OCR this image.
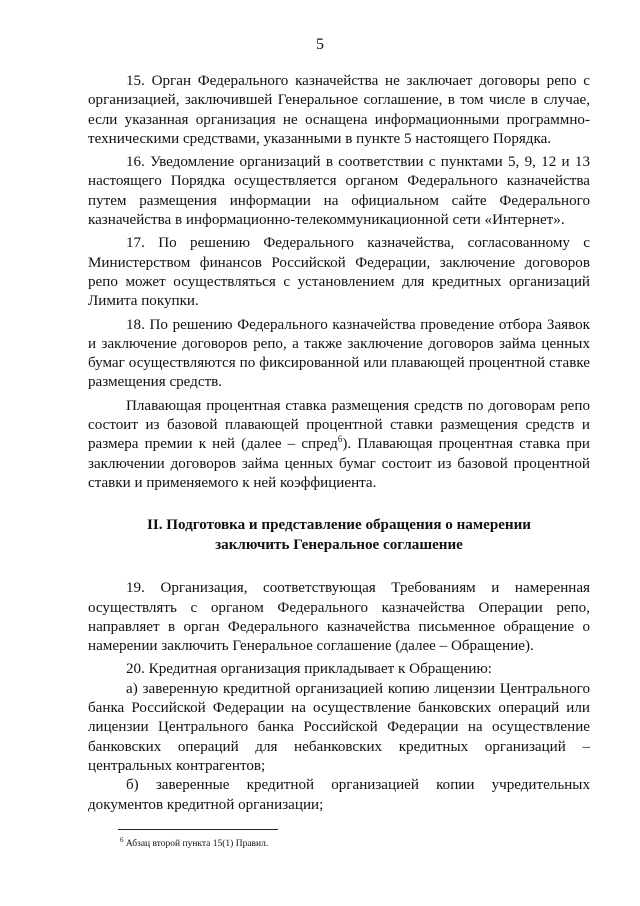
5

15. Орган Федерального казначейства не заключает договоры репо с организацией, заключившей Генеральное соглашение, в том числе в случае, если указанная организация не оснащена информационными программно-техническими средствами, указанными в пункте 5 настоящего Порядка.

16. Уведомление организаций в соответствии с пунктами 5, 9, 12 и 13 настоящего Порядка осуществляется органом Федерального казначейства путем размещения информации на официальном сайте Федерального казначейства в информационно-телекоммуникационной сети «Интернет».

17. По решению Федерального казначейства, согласованному с Министерством финансов Российской Федерации, заключение договоров репо может осуществляться с установлением для кредитных организаций Лимита покупки.

18. По решению Федерального казначейства проведение отбора Заявок и заключение договоров репо, а также заключение договоров займа ценных бумаг осуществляются по фиксированной или плавающей процентной ставке размещения средств.

Плавающая процентная ставка размещения средств по договорам репо состоит из базовой плавающей процентной ставки размещения средств и размера премии к ней (далее – спред$^6$). Плавающая процентная ставка при заключении договоров займа ценных бумаг состоит из базовой процентной ставки и применяемого к ней коэффициента.

II. Подготовка и представление обращения о намерении
заключить Генеральное соглашение

19. Организация, соответствующая Требованиям и намеренная осуществлять с органом Федерального казначейства Операции репо, направляет в орган Федерального казначейства письменное обращение о намерении заключить Генеральное соглашение (далее – Обращение).

20. Кредитная организация прикладывает к Обращению:

а) заверенную кредитной организацией копию лицензии Центрального банка Российской Федерации на осуществление банковских операций или лицензии Центрального банка Российской Федерации на осуществление банковских операций для небанковских кредитных организаций – центральных контрагентов;

б) заверенные кредитной организацией копии учредительных документов кредитной организации;

$^6$ Абзац второй пункта 15(1) Правил.
